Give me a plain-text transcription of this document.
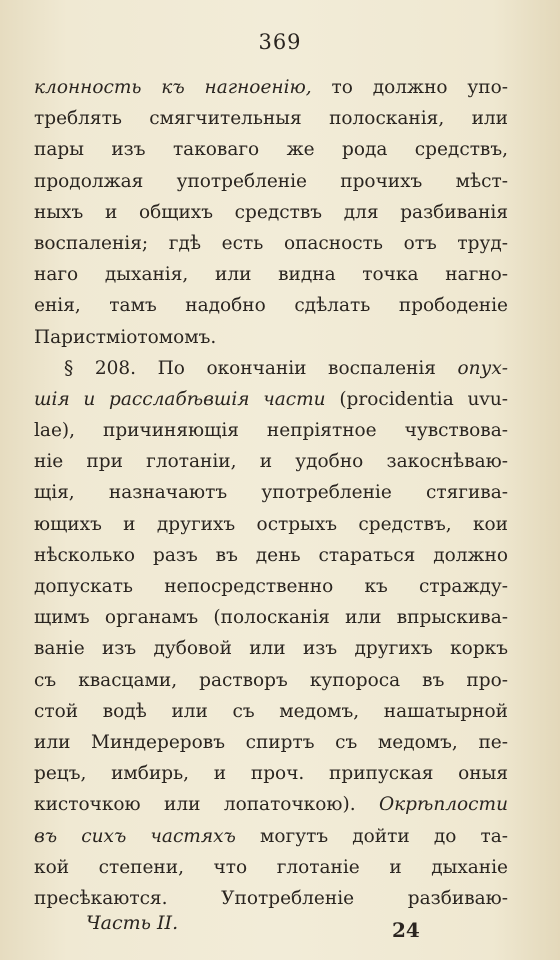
369
клонность къ нагноенію, то должно упо-
треблять смягчительныя полосканія, или
пары изъ таковаго же рода средствъ,
продолжая употребленіе прочихъ мѣст-
ныхъ и общихъ средствъ для разбиванія
воспаленія; гдѣ есть опасность отъ труд-
наго дыханія, или видна точка нагно-
енія, тамъ надобно сдѣлать прободеніе
Паристміотомомъ.
§ 208. По окончаніи воспаленія опух-
шія и расслабѣвшія части (procidentia uvu-
lae), причиняющія непріятное чувствова-
ніе при глотаніи, и удобно закоснѣваю-
щія, назначаютъ употребленіе стягива-
ющихъ и другихъ острыхъ средствъ, кои
нѣсколько разъ въ день стараться должно
допускать непосредственно къ стражду-
щимъ органамъ (полосканія или впрыскива-
ваніе изъ дубовой или изъ другихъ коркъ
съ квасцами, растворъ купороса въ про-
стой водѣ или съ медомъ, нашатырной
или Миндереровъ спиртъ съ медомъ, пе-
рецъ, имбирь, и проч. припуская оныя
кисточкою или лопаточкою). Окрѣплости
въ сихъ частяхъ могутъ дойти до та-
кой степени, что глотаніе и дыханіе
пресѣкаются. Употребленіе разбиваю-
Часть II.	24
